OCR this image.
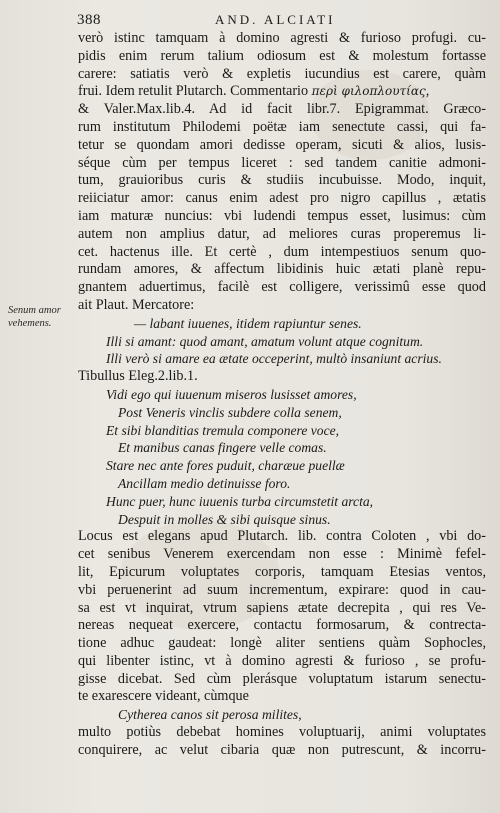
388	AND. ALCIATI
Senum amor
vehemens.
verò istinc tamquam à domino agresti & furioso profugi. cu-
pidis enim rerum talium odiosum est & molestum fortasse
carere: satiatis verò & expletis iucundius est carere, quàm
frui. Idem retulit Plutarch. Commentario περὶ φιλοπλουτίας,
& Valer.Max.lib.4. Ad id facit libr.7. Epigrammat. Græco-
rum institutum Philodemi poëtæ iam senectute cassi, qui fa-
tetur se quondam amori dedisse operam, sicuti & alios, lusis-
séque cùm per tempus liceret : sed tandem canitie admoni-
tum, grauioribus curis & studiis incubuisse. Modo, inquit,
reiiciatur amor: canus enim adest pro nigro capillus , ætatis
iam maturæ nuncius: vbi ludendi tempus esset, lusimus: cùm
autem non amplius datur, ad meliores curas properemus li-
cet. hactenus ille. Et certè , dum intempestiuos senum quo-
rundam amores, & affectum libidinis huic ætati planè repu-
gnantem aduertimus, facilè est colligere, verissimû esse quod
ait Plaut. Mercatore:
— labant iuuenes, itidem rapiuntur senes.
Illi si amant: quod amant, amatum volunt atque cognitum.
Illi verò si amare ea ætate occeperint, multò insaniunt acrius.
Tibullus Eleg.2.lib.1.
Vidi ego qui iuuenum miseros lusisset amores,
Post Veneris vinclis subdere colla senem,
Et sibi blanditias tremula componere voce,
Et manibus canas fingere velle comas.
Stare nec ante fores puduit, charæue puellæ
Ancillam medio detinuisse foro.
Hunc puer, hunc iuuenis turba circumstetit arcta,
Despuit in molles & sibi quisque sinus.
Locus est elegans apud Plutarch. lib. contra Coloten , vbi do-
cet senibus Venerem exercendam non esse : Minimè fefel-
lit, Epicurum voluptates corporis, tamquam Etesias ventos,
vbi peruenerint ad suum incrementum, expirare: quod in cau-
sa est vt inquirat, vtrum sapiens ætate decrepita , qui res Ve-
nereas nequeat exercere, contactu formosarum, & contrecta-
tione adhuc gaudeat: longè aliter sentiens quàm Sophocles,
qui libenter istinc, vt à domino agresti & furioso , se profu-
gisse dicebat. Sed cùm plerásque voluptatum istarum senectu-
te exarescere videant, cùmque
Cytherea canos sit perosa milites,
multo potiùs debebat homines voluptuarij, animi voluptates
conquirere, ac velut cibaria quæ non putrescunt, & incorru-
